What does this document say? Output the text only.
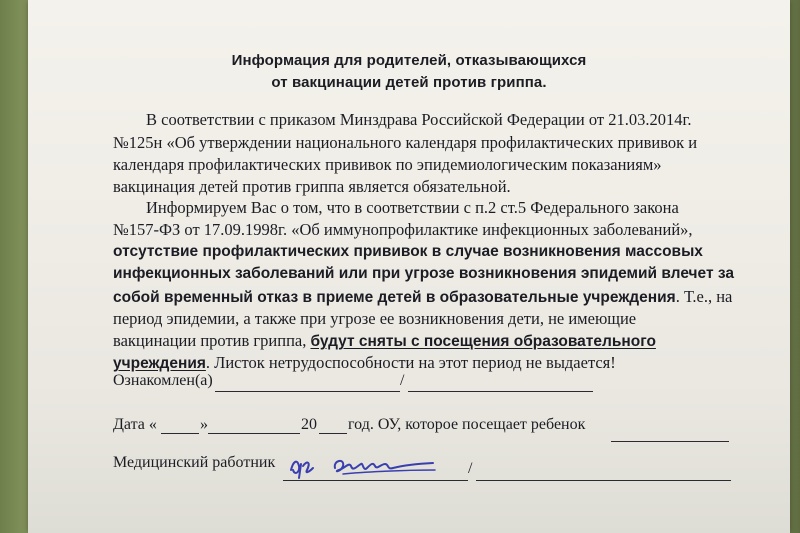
Информация для родителей, отказывающихся
от вакцинации детей против гриппа.
В соответствии с приказом Минздрава Российской Федерации от 21.03.2014г.
№125н «Об утверждении национального календаря профилактических прививок и
календаря профилактических прививок по эпидемиологическим показаниям»
вакцинация детей против гриппа является обязательной.
Информируем Вас о том, что в соответствии с п.2 ст.5 Федерального закона
№157-ФЗ от 17.09.1998г. «Об иммунопрофилактике инфекционных заболеваний»,
отсутствие профилактических прививок в случае возникновения массовых
инфекционных заболеваний или при угрозе возникновения эпидемий влечет за
собой временный отказ в приеме детей в образовательные учреждения. Т.е., на
период эпидемии, а также при угрозе ее возникновения дети, не имеющие
вакцинации против гриппа, будут сняты с посещения образовательного
учреждения. Листок нетрудоспособности на этот период не выдается!
Ознакомлен(а)	/
Дата «	»	20 год. ОУ, которое посещает ребенок
Медицинский работник	/
